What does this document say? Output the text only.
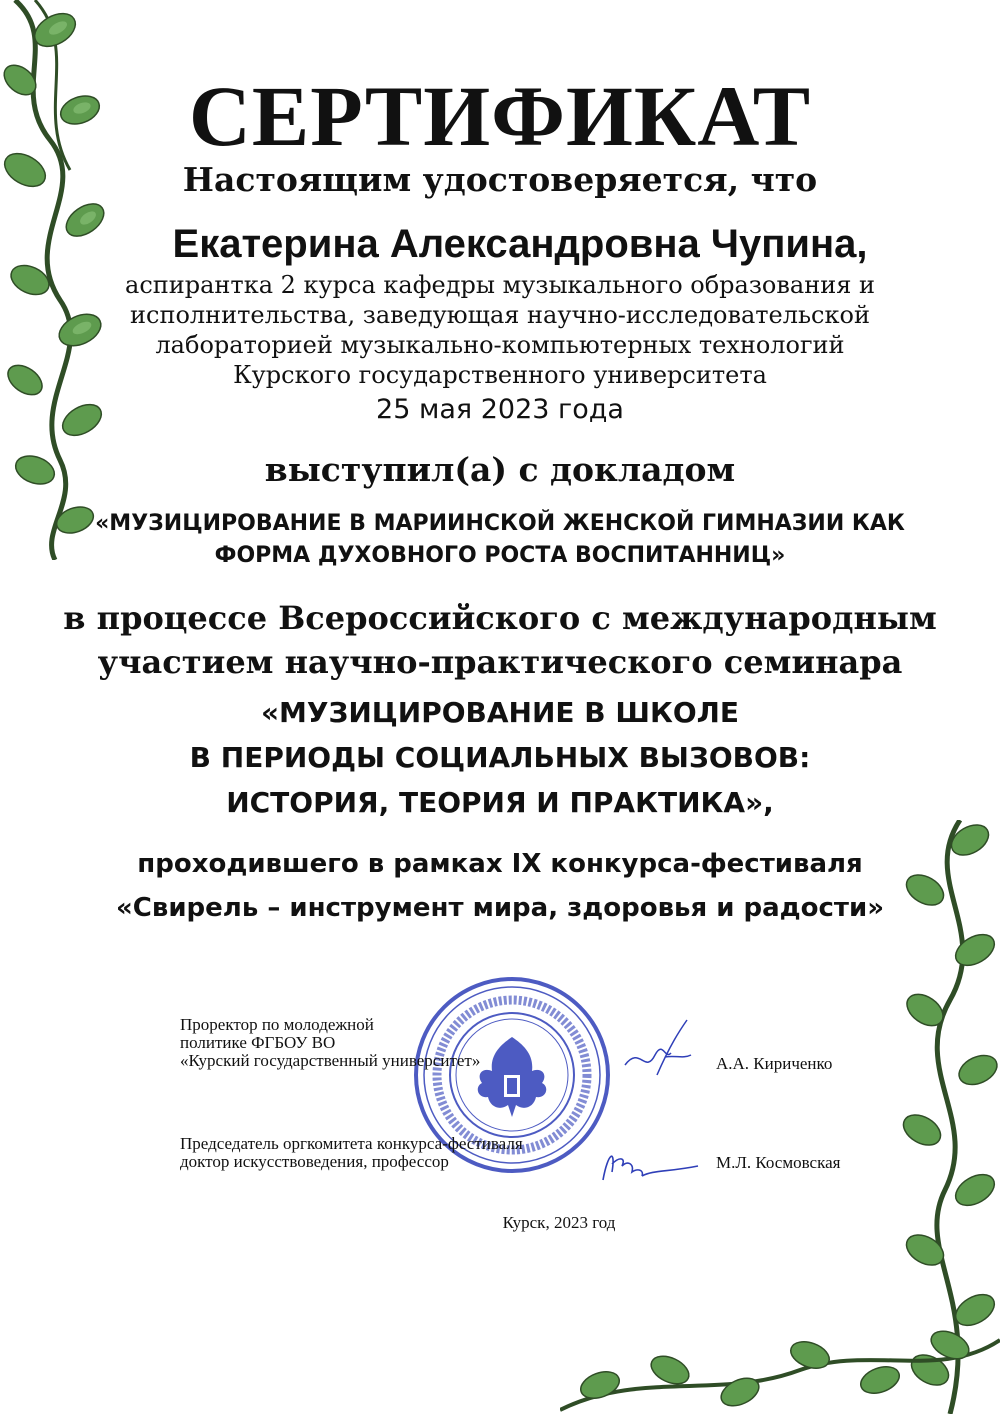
СЕРТИФИКАТ
Настоящим удостоверяется, что
Екатерина Александровна Чупина,
аспирантка 2 курса кафедры музыкального образования и
исполнительства, заведующая научно-исследовательской
лабораторией музыкально-компьютерных технологий
Курского государственного университета
25 мая 2023 года
выступил(а) с докладом
«МУЗИЦИРОВАНИЕ В МАРИИНСКОЙ ЖЕНСКОЙ ГИМНАЗИИ КАК
ФОРМА ДУХОВНОГО РОСТА ВОСПИТАННИЦ»
в процессе Всероссийского с международным
участием научно-практического семинара
«МУЗИЦИРОВАНИЕ В ШКОЛЕ
В ПЕРИОДЫ СОЦИАЛЬНЫХ ВЫЗОВОВ:
ИСТОРИЯ, ТЕОРИЯ И ПРАКТИКА»,
проходившего в рамках IX конкурса-фестиваля
«Свирель – инструмент мира, здоровья и радости»
Проректор по молодежной
политике ФГБОУ ВО
«Курский государственный университет»	А.А. Кириченко
Председатель оргкомитета конкурса-фестиваля
доктор искусствоведения, профессор	М.Л. Космовская
Курск, 2023 год
